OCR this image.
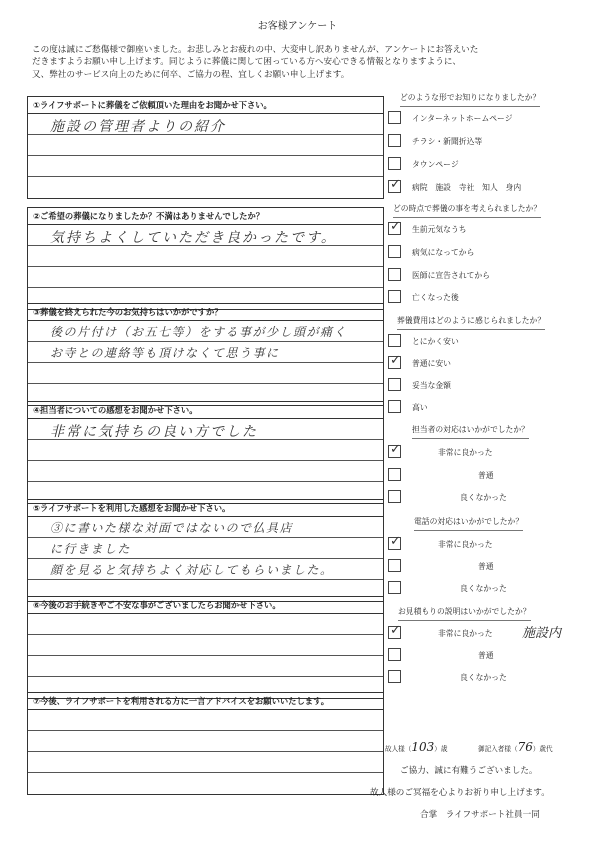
お客様アンケート
この度は誠にご愁傷様で御座いました。お悲しみとお疲れの中、大変申し訳ありませんが、アンケートにお答えいた
だきますようお願い申し上げます。同じように葬儀に関して困っている方へ安心できる情報となりますように、
又、弊社のサービス向上のために何卒、ご協力の程、宜しくお願い申し上げます。
①ライフサポートに葬儀をご依頼頂いた理由をお聞かせ下さい。
施設の管理者よりの紹介
②ご希望の葬儀になりましたか？不満はありませんでしたか？
気持ちよくしていただき良かったです。
③葬儀を終えられた今のお気持ちはいかがですか？
後の片付け（お五七等）をする事が少し頭が痛く
お寺との連絡等も頂けなくて思う事に
④担当者についての感想をお聞かせ下さい。
非常に気持ちの良い方でした
⑤ライフサポートを利用した感想をお聞かせ下さい。
③に書いた様な対面ではないので仏具店
に行きました
顔を見ると気持ちよく対応してもらいました。
⑥今後のお手続きやご不安な事がございましたらお聞かせ下さい。
⑦今後、ライフサポートを利用される方に一言アドバイスをお願いいたします。
どのような形でお知りになりましたか？
インターネットホームページ
チラシ・新聞折込等
タウンページ
✓ 病院　施設　寺社　知人　身内
どの時点で葬儀の事を考えられましたか？
✓ 生前元気なうち
病気になってから
医師に宣告されてから
亡くなった後
葬儀費用はどのように感じられましたか？
とにかく安い
✓ 普通に安い
妥当な金額
高い
担当者の対応はいかがでしたか？
✓	非常に良かった
普通
良くなかった
電話の対応はいかがでしたか？
✓	非常に良かった
普通
良くなかった
お見積もりの説明はいかがでしたか？
✓	非常に良かった 施設内
普通
良くなかった
故人様（103）歳	御記入者様（76）歳代
ご協力、誠に有難うございました。
故人様のご冥福を心よりお祈り申し上げます。
合掌　ライフサポート社員一同
